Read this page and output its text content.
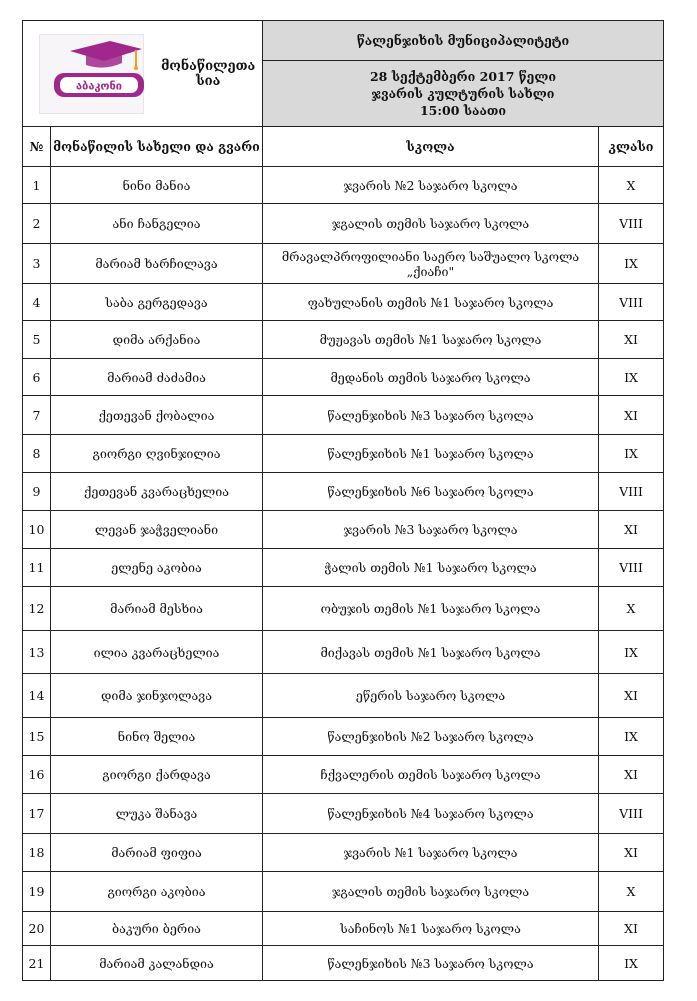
აბაკონი
მონაწილეთა სია		წალენჯიხის მუნიციპალიტეტი	

		28 სექტემბერი 2017 წელი
ჯვარის კულტურის სახლი
15:00 საათი	

№	მონაწილის სახელი და გვარი	სკოლა	კლასი
1	ნინი მანია	ჯვარის №2 საჯარო სკოლა	X
2	ანი ჩანგელია	ჯგალის თემის საჯარო სკოლა	VIII
3	მარიამ ხარჩილავა	მრავალპროფილიანი საერო საშუალო სკოლა „ქიაჩი"	IX
4	საბა გერგედავა	ფახულანის თემის №1 საჯარო სკოლა	VIII
5	დიმა არქანია	მუჟავას თემის №1 საჯარო სკოლა	XI
6	მარიამ ძაძამია	მედანის თემის საჯარო სკოლა	IX
7	ქეთევან ქობალია	წალენჯიხის №3 საჯარო სკოლა	XI
8	გიორგი ღვინჯილია	წალენჯიხის №1 საჯარო სკოლა	IX
9	ქეთევან კვარაცხელია	წალენჯიხის №6 საჯარო სკოლა	VIII
10	ლევან ჯაჭველიანი	ჯვარის №3 საჯარო სკოლა	XI
11	ელენე აკობია	ჭალის თემის №1 საჯარო სკოლა	VIII
12	მარიამ მესხია	ობუჯის თემის №1 საჯარო სკოლა	X
13	ილია კვარაცხელია	მიქავას თემის №1 საჯარო სკოლა	IX
14	დიმა ჯინჯოლავა	ეწერის საჯარო სკოლა	XI
15	ნინო შელია	წალენჯიხის №2 საჯარო სკოლა	IX
16	გიორგი ქარდავა	ჩქვალერის თემის საჯარო სკოლა	XI
17	ლუკა შანავა	წალენჯიხის №4 საჯარო სკოლა	VIII
18	მარიამ ფიფია	ჯვარის №1 საჯარო სკოლა	XI
19	გიორგი აკობია	ჯგალის თემის საჯარო სკოლა	X
20	ბაკური ბერია	საჩინოს №1 საჯარო სკოლა	XI
21	მარიამ კალანდია	წალენჯიხის №3 საჯარო სკოლა	IX
